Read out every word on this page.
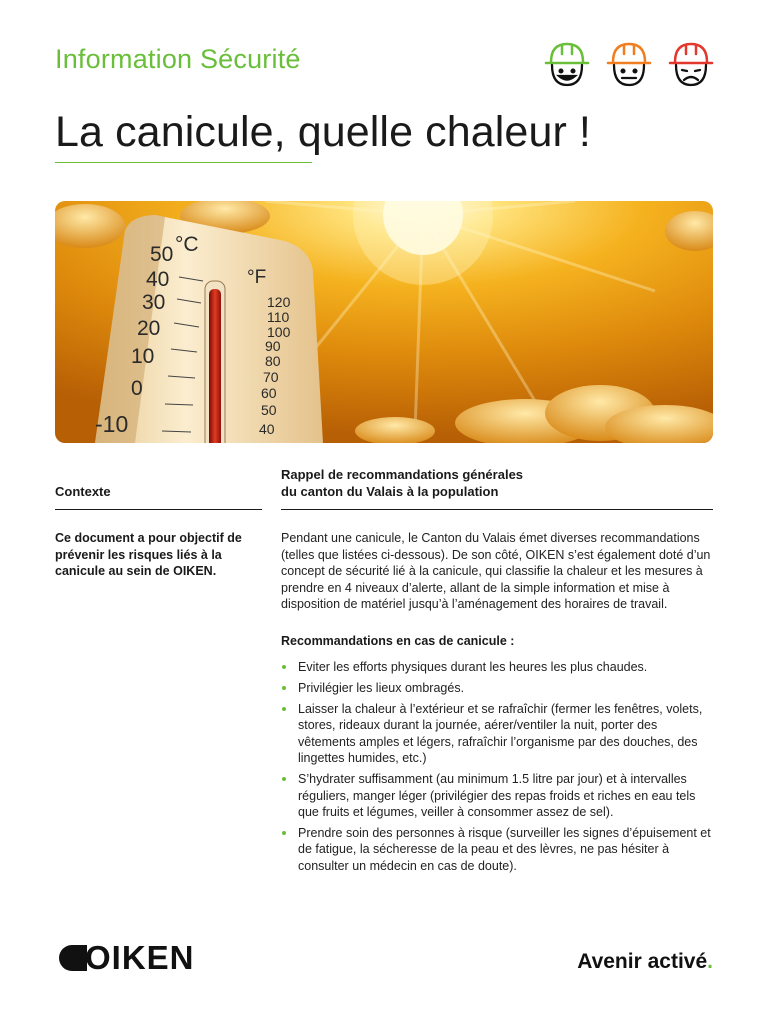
Information Sécurité
La canicule, quelle chaleur !
°C
°F
50
40
30
20
10
0
-10
120
110
100
90
80
70
60
50
40
Contexte

Ce document a pour objectif de prévenir les risques liés à la canicule au sein de OIKEN.

Rappel de recommandations générales
du canton du Valais à la population

Pendant une canicule, le Canton du Valais émet diverses recommandations (telles que listées ci-dessous). De son côté, OIKEN s’est également doté d’un concept de sécurité lié à la canicule, qui classifie la chaleur et les mesures à prendre en 4 niveaux d’alerte, allant de la simple information et mise à disposition de matériel jusqu’à l’aménagement des horaires de travail.

Recommandations en cas de canicule :

Eviter les efforts physiques durant les heures les plus chaudes.
Privilégier les lieux ombragés.
Laisser la chaleur à l’extérieur et se rafraîchir (fermer les fenêtres, volets, stores, rideaux durant la journée, aérer/ventiler la nuit, porter des vêtements amples et légers, rafraîchir l’organisme par des douches, des lingettes humides, etc.)
S’hydrater suffisamment (au minimum 1.5 litre par jour) et à intervalles réguliers, manger léger (privilégier des repas froids et riches en eau tels que fruits et légumes, veiller à consommer assez de sel).
Prendre soin des personnes à risque (surveiller les signes d’épuisement et de fatigue, la sécheresse de la peau et des lèvres, ne pas hésiter à consulter un médecin en cas de doute).
OIKEN	Avenir activé.
